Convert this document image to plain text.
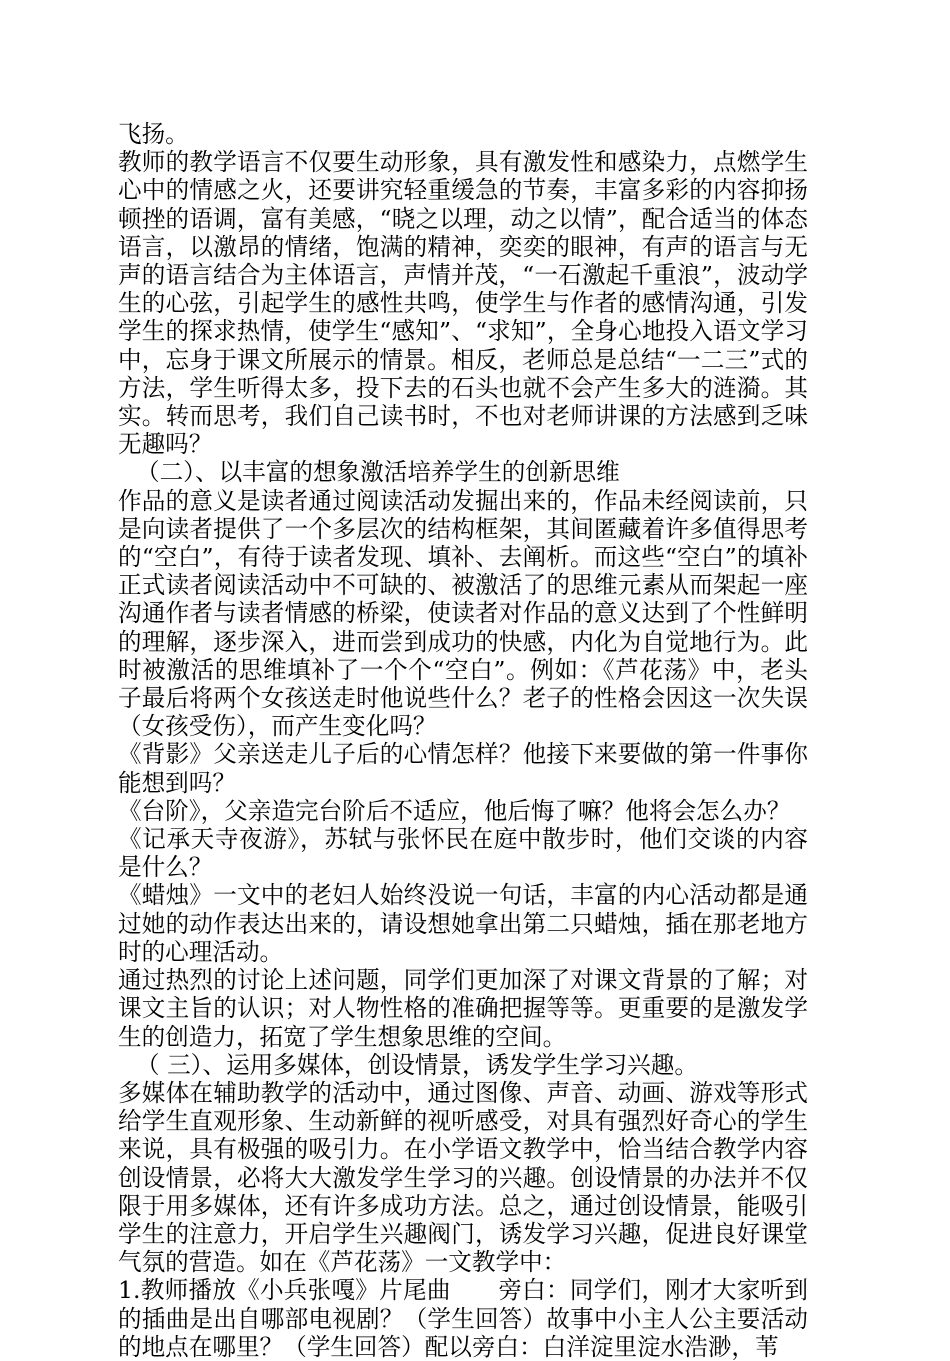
飞扬。

教师的教学语言不仅要生动形象，具有激发性和感染力，点燃学生心中的情感之火，还要讲究轻重缓急的节奏，丰富多彩的内容抑扬顿挫的语调，富有美感，“晓之以理，动之以情”，配合适当的体态语言，以激昂的情绪，饱满的精神，奕奕的眼神，有声的语言与无声的语言结合为主体语言，声情并茂，“一石激起千重浪”，波动学生的心弦，引起学生的感性共鸣，使学生与作者的感情沟通，引发学生的探求热情，使学生“感知”、“求知”，全身心地投入语文学习中，忘身于课文所展示的情景。相反，老师总是总结“一二三”式的方法，学生听得太多，投下去的石头也就不会产生多大的涟漪。其实。转而思考，我们自己读书时，不也对老师讲课的方法感到乏味无趣吗？

（二）、以丰富的想象激活培养学生的创新思维

作品的意义是读者通过阅读活动发掘出来的，作品未经阅读前，只是向读者提供了一个多层次的结构框架，其间匿藏着许多值得思考的“空白”，有待于读者发现、填补、去阐析。而这些“空白”的填补正式读者阅读活动中不可缺的、被激活了的思维元素从而架起一座沟通作者与读者情感的桥梁，使读者对作品的意义达到了个性鲜明的理解，逐步深入，进而尝到成功的快感，内化为自觉地行为。此时被激活的思维填补了一个个“空白”。例如：《芦花荡》中，老头子最后将两个女孩送走时他说些什么？老子的性格会因这一次失误（女孩受伤），而产生变化吗？

《背影》父亲送走儿子后的心情怎样？他接下来要做的第一件事你能想到吗？

《台阶》，父亲造完台阶后不适应，他后悔了嘛？他将会怎么办？

《记承天寺夜游》，苏轼与张怀民在庭中散步时，他们交谈的内容是什么？

《蜡烛》一文中的老妇人始终没说一句话，丰富的内心活动都是通过她的动作表达出来的，请设想她拿出第二只蜡烛，插在那老地方时的心理活动。

通过热烈的讨论上述问题，同学们更加深了对课文背景的了解；对课文主旨的认识；对人物性格的准确把握等等。更重要的是激发学生的创造力，拓宽了学生想象思维的空间。

（ 三）、运用多媒体，创设情景，诱发学生学习兴趣。

多媒体在辅助教学的活动中，通过图像、声音、动画、游戏等形式给学生直观形象、生动新鲜的视听感受，对具有强烈好奇心的学生来说，具有极强的吸引力。在小学语文教学中，恰当结合教学内容创设情景，必将大大激发学生学习的兴趣。创设情景的办法并不仅限于用多媒体，还有许多成功方法。总之，通过创设情景，能吸引学生的注意力，开启学生兴趣阀门，诱发学习兴趣，促进良好课堂气氛的营造。如在《芦花荡》一文教学中：

1.教师播放《小兵张嘎》片尾曲　　旁白：同学们，刚才大家听到的插曲是出自哪部电视剧？（学生回答）故事中小主人公主要活动的地点在哪里？（学生回答）配以旁白：白洋淀里淀水浩渺，苇
